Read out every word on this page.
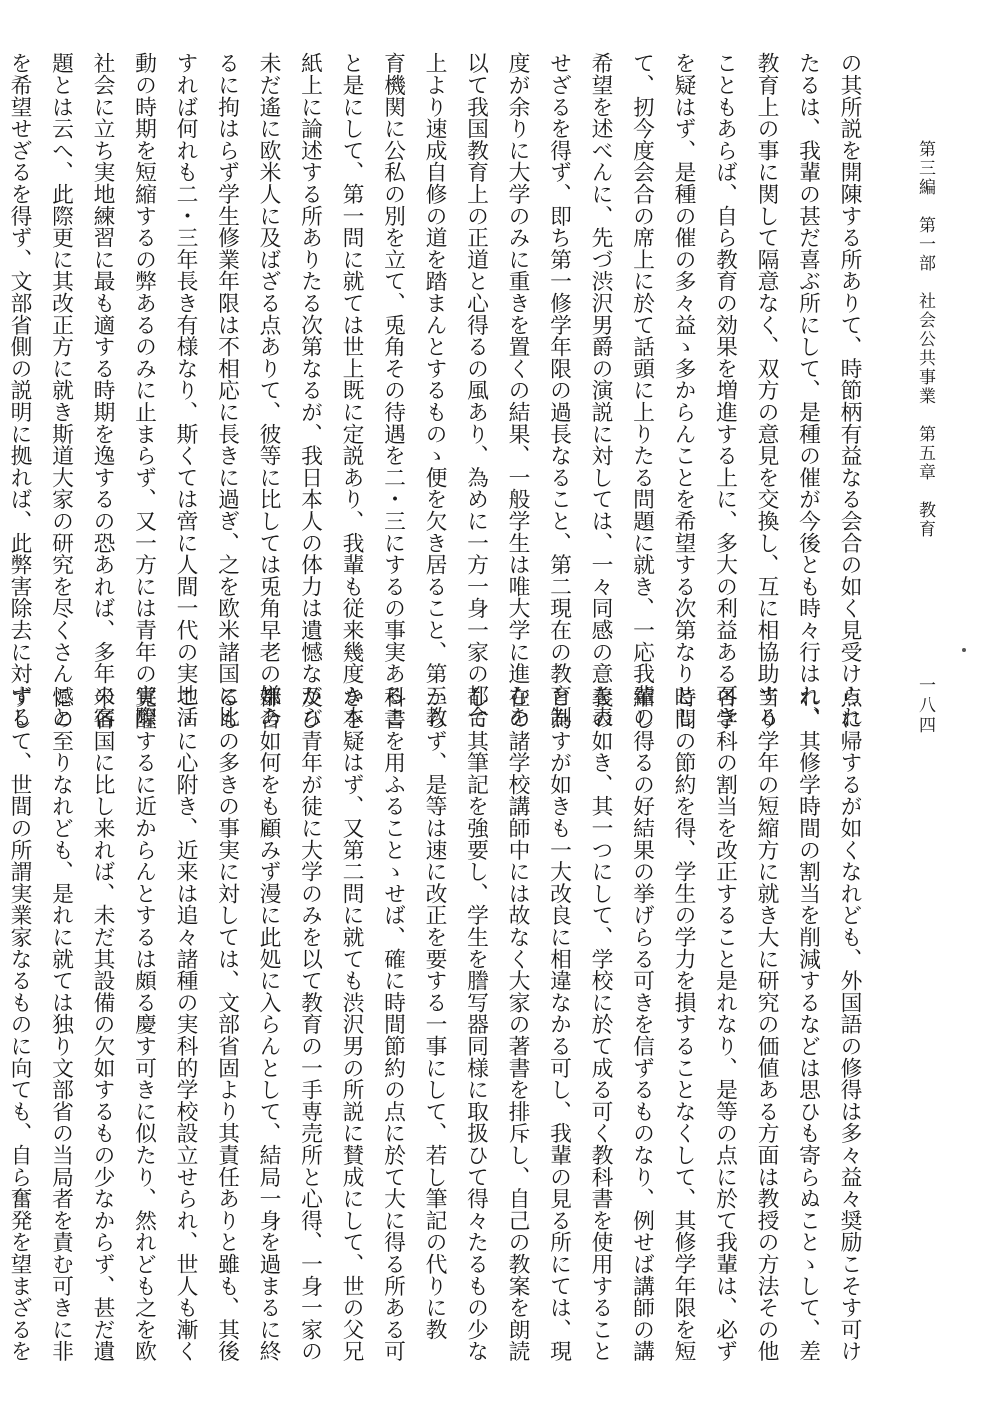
第三編　第一部　社会公共事業　第五章　教育
一八四
の其所説を開陳する所ありて、時節柄有益なる会合の如く見受けられ
たるは、我輩の甚だ喜ぶ所にして、是種の催が今後とも時々行はれ、
教育上の事に関して隔意なく、双方の意見を交換し、互に相協助する
こともあらば、自ら教育の効果を増進する上に、多大の利益ある可き
を疑はず、是種の催の多々益ゝ多からんことを希望する次第なりとし
て、扨今度会合の席上に於て話頭に上りたる問題に就き、一応我輩の
希望を述べんに、先づ渋沢男爵の演説に対しては、一々同感の意を表
せざるを得ず、即ち第一修学年限の過長なること、第二現在の教育制
度が余りに大学のみに重きを置くの結果、一般学生は唯大学に進むを
以て我国教育上の正道と心得るの風あり、為めに一方一身一家の都合
上より速成自修の道を踏まんとするものゝ便を欠き居ること、第三教
育機関に公私の別を立て、兎角その待遇を二・三にするの事実あるこ
と是にして、第一問に就ては世上既に定説あり、我輩も従来幾度か本
紙上に論述する所ありたる次第なるが、我日本人の体力は遺憾ながら
未だ遙に欧米人に及ばざる点ありて、彼等に比しては兎角早老の嫌あ
るに拘はらず学生修業年限は不相応に長きに過ぎ、之を欧米諸国に比
すれば何れも二・三年長き有様なり、斯くては啻に人間一代の実地活
動の時期を短縮するの弊あるのみに止まらず、又一方には青年の実際
社会に立ち実地練習に最も適する時期を逸するの恐あれば、多年の宿
題とは云へ、此際更に其改正方に就き斯道大家の研究を尽くさんこと
を希望せざるを得ず、文部省側の説明に拠れば、此弊害除去に対する
点に帰するが如くなれども、外国語の修得は多々益々奨励こそす可け
れ、其修学時間の割当を削減するなどは思ひも寄らぬことゝして、差
当り学年の短縮方に就き大に研究の価値ある方面は教授の方法その他
各学科の割当を改正すること是れなり、是等の点に於て我輩は、必ず
時間の節約を得、学生の学力を損することなくして、其修学年限を短
縮し得るの好結果の挙げらる可きを信ずるものなり、例せば講師の講
義の如き、其一つにして、学校に於て成る可く教科書を使用すること
と為すが如きも一大改良に相違なかる可し、我輩の見る所にては、現
在の諸学校講師中には故なく大家の著書を排斥し、自己の教案を朗読
して其筆記を強要し、学生を謄写器同様に取扱ひて得々たるもの少な
からず、是等は速に改正を要する一事にして、若し筆記の代りに教
科書を用ふることゝせば、確に時間節約の点に於て大に得る所ある可
きを疑はず、又第二問に就ても渋沢男の所説に賛成にして、世の父兄
及び青年が徒に大学のみを以て教育の一手専売所と心得、一身一家の
都合如何をも顧みず漫に此処に入らんとして、結局一身を過まるに終
るもの多きの事実に対しては、文部省固より其責任ありと雖も、其後
こゝに心附き、近来は追々諸種の実科的学校設立せられ、世人も漸く
覚醒するに近からんとするは頗る慶す可きに似たり、然れども之を欧
米各国に比し来れば、未だ其設備の欠如するもの少なからず、甚だ遺
憾の至りなれども、是れに就ては独り文部省の当局者を責む可きに非
ずして、世間の所謂実業家なるものに向ても、自ら奮発を望まざるを
